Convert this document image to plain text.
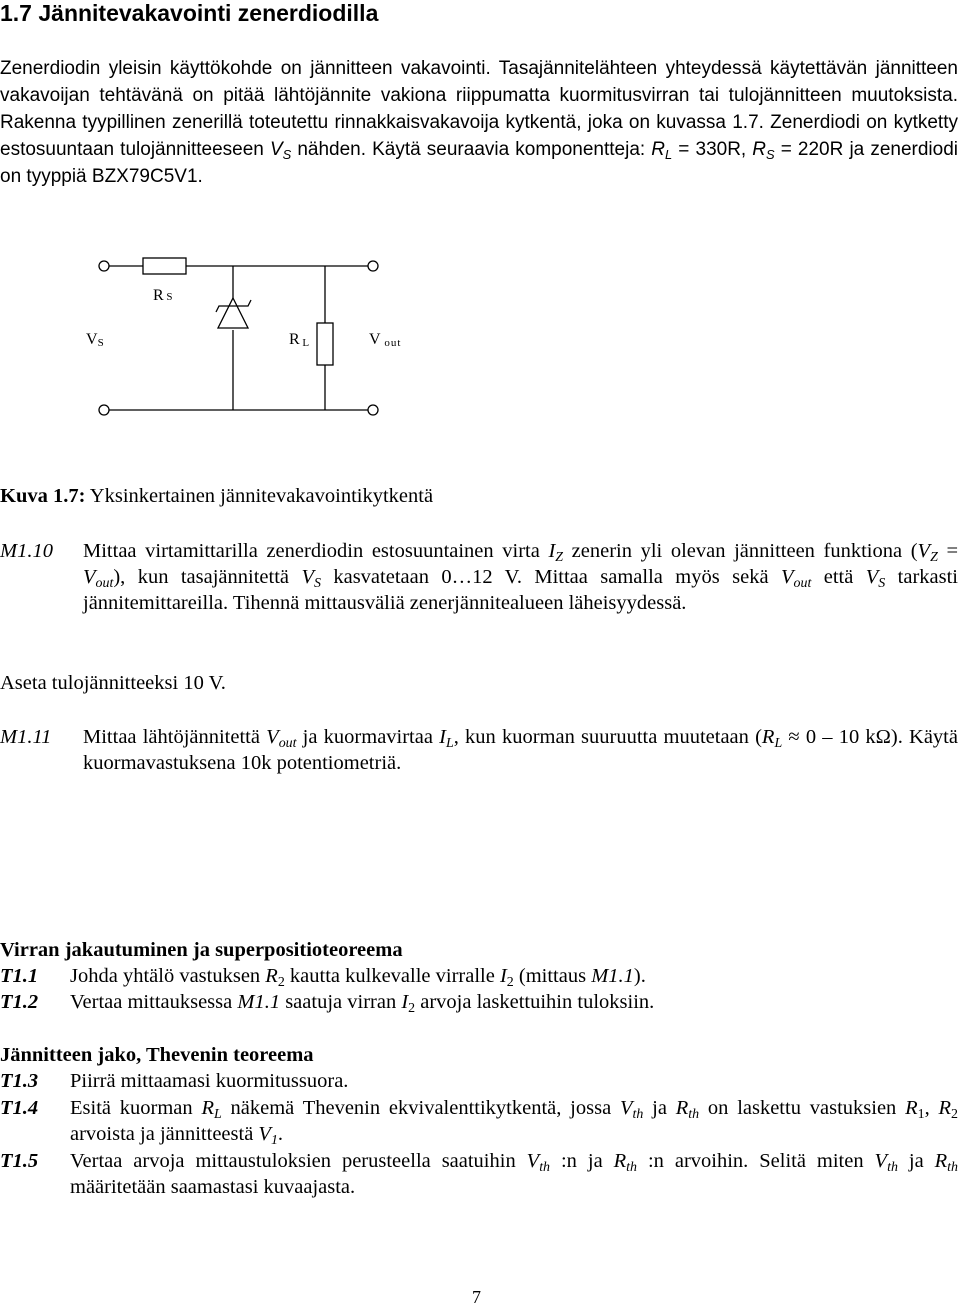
1.7 Jännitevakavointi zenerdiodilla
Zenerdiodin yleisin käyttökohde on jännitteen vakavointi. Tasajännitelähteen yhteydessä käytettävän jännitteen vakavoijan tehtävänä on pitää lähtöjännite vakiona riippumatta kuormitusvirran tai tulojännitteen muutoksista. Rakenna tyypillinen zenerillä toteutettu rinnakkaisvakavoija kytkentä, joka on kuvassa 1.7. Zenerdiodi on kytketty estosuuntaan tulojännitteeseen $V_S$ nähden. Käytä seuraavia komponentteja: $R_L = 330R$, $R_S = 220R$ ja zenerdiodi on tyyppiä BZX79C5V1.
R S
VS	R L	V out
Kuva 1.7: Yksinkertainen jännitevakavointikytkentä
M1.10 Mittaa virtamittarilla zenerdiodin estosuuntainen virta $I_Z$ zenerin yli olevan jännitteen funktiona $(V_Z = V_{out})$, kun tasajännitettä $V_S$ kasvatetaan 0…12 V. Mittaa samalla myös sekä $V_{out}$ että $V_S$ tarkasti jännitemittareilla. Tihennä mittausväliä zenerjännitealueen läheisyydessä.
Aseta tulojännitteeksi 10 V.
M1.11 Mittaa lähtöjännitettä $V_{out}$ ja kuormavirtaa $I_L$, kun kuorman suuruutta muutetaan ($R_L \approx 0 - 10$ kΩ). Käytä kuormavastuksena 10k potentiometriä.
Virran jakautuminen ja superpositioteoreema
T1.1 Johda yhtälö vastuksen $R_2$ kautta kulkevalle virralle $I_2$ (mittaus M1.1).
T1.2 Vertaa mittauksessa M1.1 saatuja virran $I_2$ arvoja laskettuihin tuloksiin.
Jännitteen jako, Thevenin teoreema
T1.3 Piirrä mittaamasi kuormitussuora.
T1.4 Esitä kuorman $R_L$ näkemä Thevenin ekvivalenttikytkentä, jossa $V_{th}$ ja $R_{th}$ on laskettu vastuksien $R_1$, $R_2$ arvoista ja jännitteestä $V_1$.
T1.5 Vertaa arvoja mittaustuloksien perusteella saatuihin $V_{th}$ :n ja $R_{th}$ :n arvoihin. Selitä miten $V_{th}$ ja $R_{th}$ määritetään saamastasi kuvaajasta.
7
